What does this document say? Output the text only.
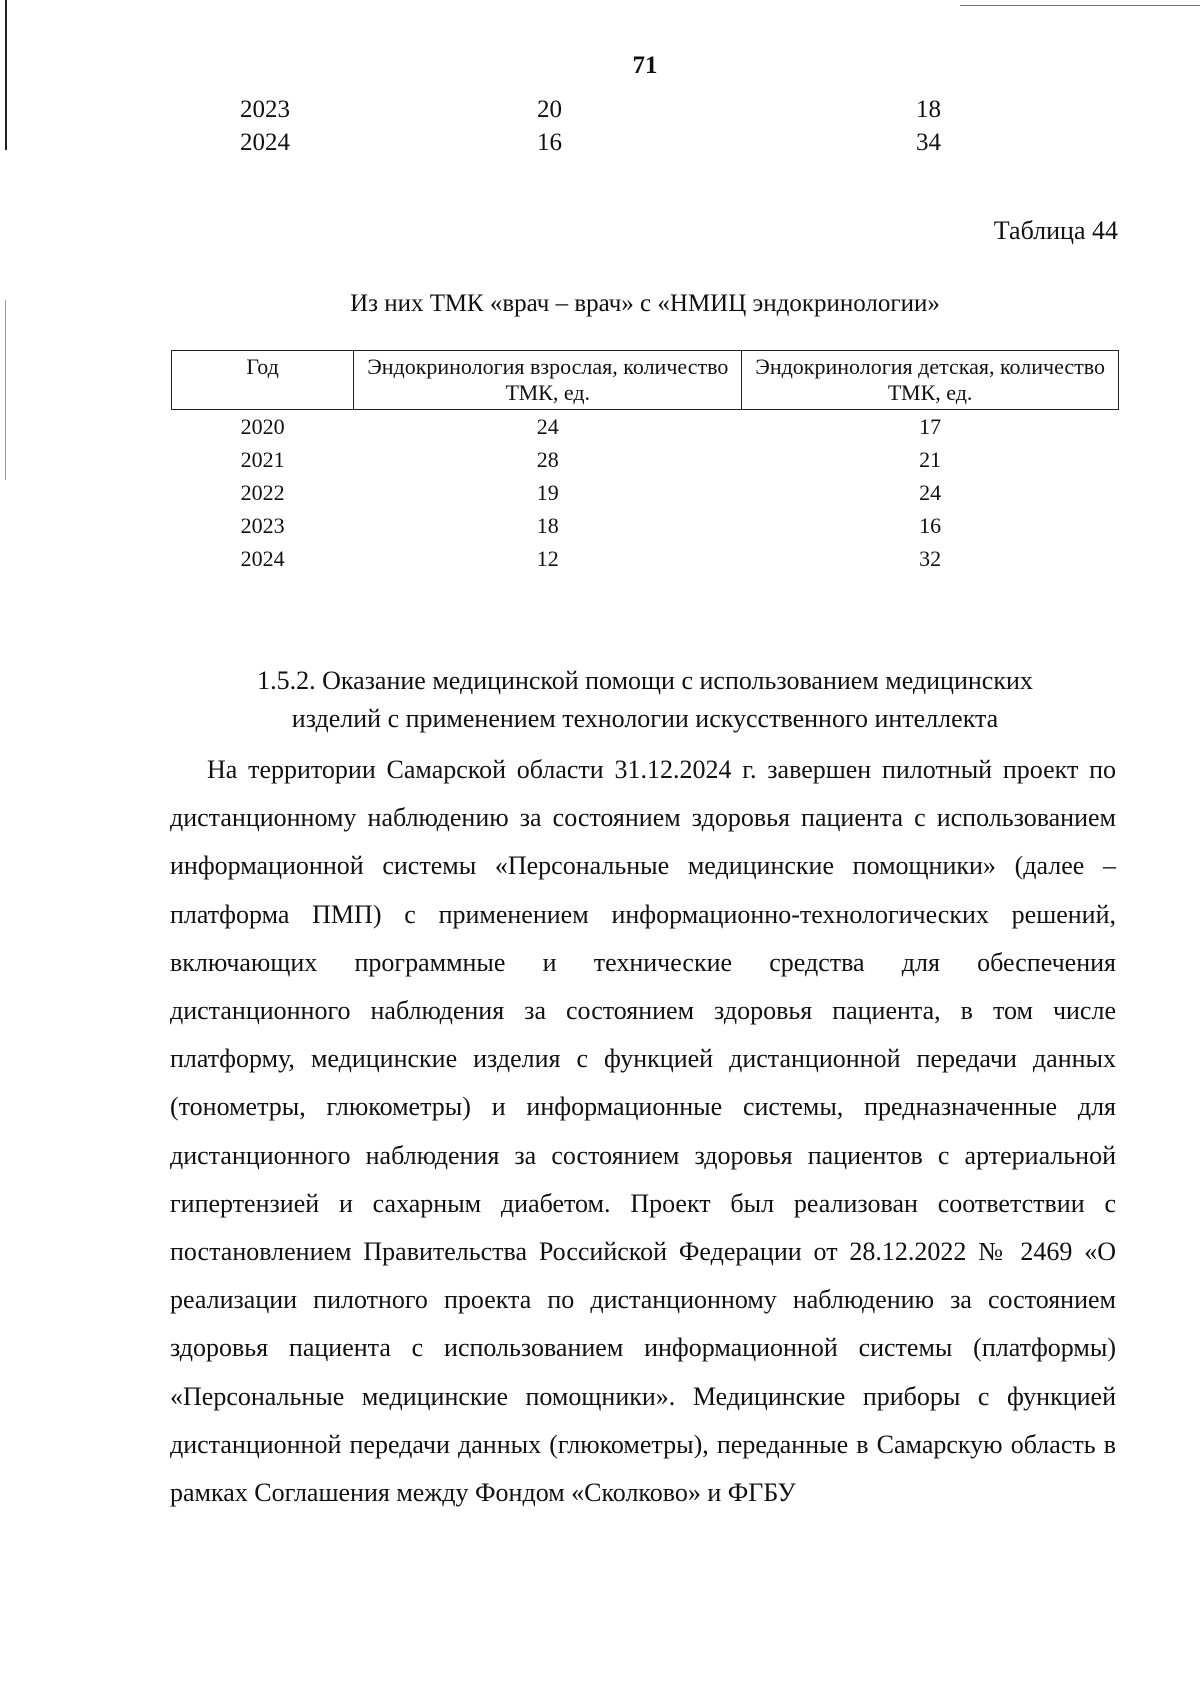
71
2023	20	18
2024	16	34
Таблица 44
Из них ТМК «врач – врач» с «НМИЦ эндокринологии»
Год	Эндокринология взрослая, количество ТМК, ед.	Эндокринология детская, количество ТМК, ед.
2020	24	17
2021	28	21
2022	19	24
2023	18	16
2024	12	32
1.5.2. Оказание медицинской помощи с использованием медицинских
изделий с применением технологии искусственного интеллекта
На территории Самарской области 31.12.2024 г. завершен пилотный проект по дистанционному наблюдению за состоянием здоровья пациента с использованием информационной системы «Персональные медицинские помощники» (далее – платформа ПМП) с применением информационно-технологических решений, включающих программные и технические средства для обеспечения дистанционного наблюдения за состоянием здоровья пациента, в том числе платформу, медицинские изделия с функцией дистанционной передачи данных (тонометры, глюкометры) и информационные системы, предназначенные для дистанционного наблюдения за состоянием здоровья пациентов с артериальной гипертензией и сахарным диабетом. Проект был реализован соответствии с постановлением Правительства Российской Федерации от 28.12.2022 № 2469 «О реализации пилотного проекта по дистанционному наблюдению за состоянием здоровья пациента с использованием информационной системы (платформы) «Персональные медицинские помощники». Медицинские приборы с функцией дистанционной передачи данных (глюкометры), переданные в Самарскую область в рамках Соглашения между Фондом «Сколково» и ФГБУ
